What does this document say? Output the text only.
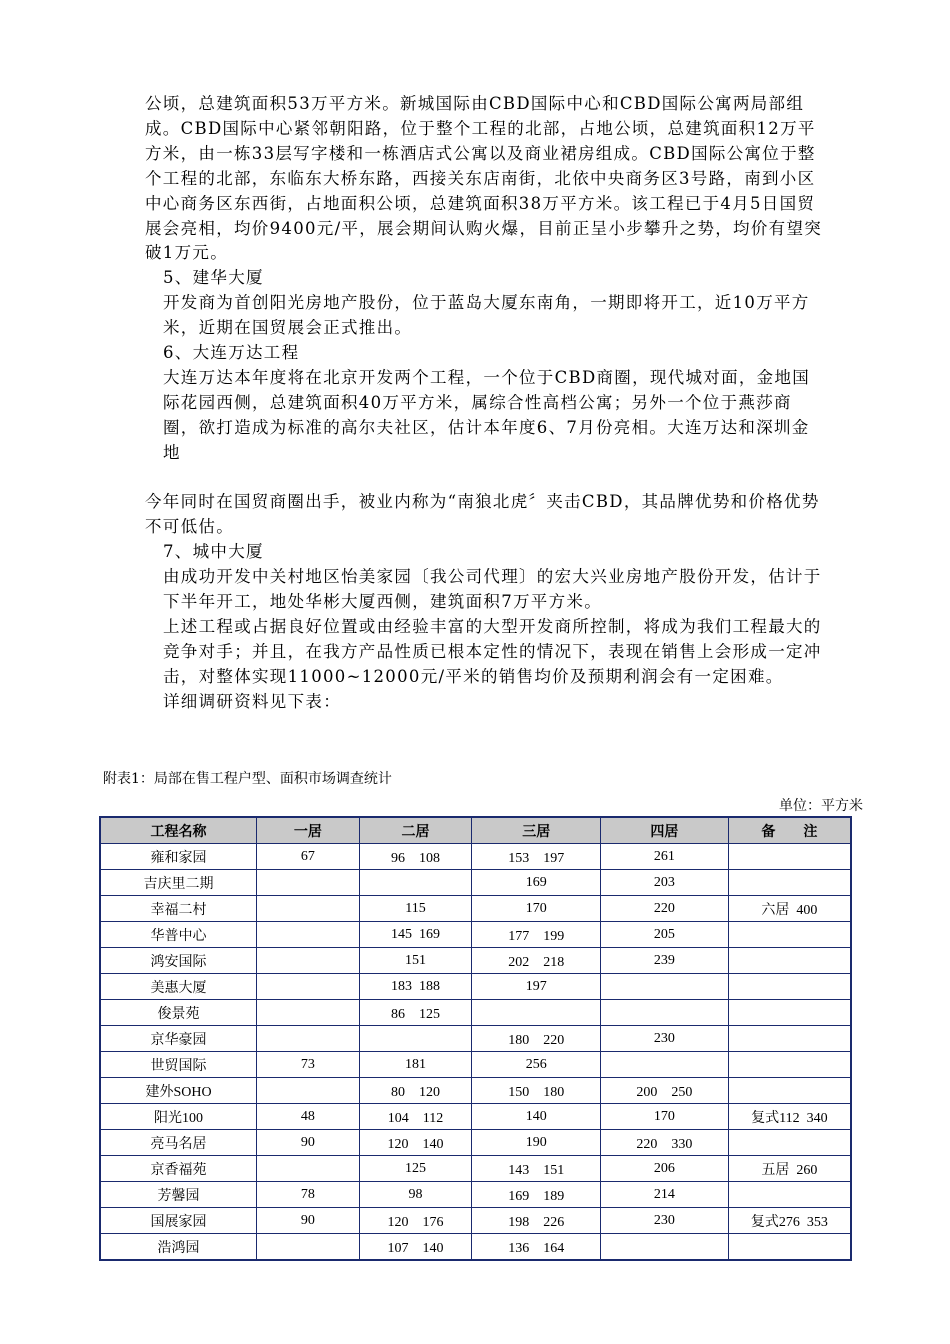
公顷，总建筑面积53万平方米。新城国际由CBD国际中心和CBD国际公寓两局部组成。CBD国际中心紧邻朝阳路，位于整个工程的北部，占地公顷，总建筑面积12万平方米，由一栋33层写字楼和一栋酒店式公寓以及商业裙房组成。CBD国际公寓位于整个工程的北部，东临东大桥东路，西接关东店南街，北依中央商务区3号路，南到小区中心商务区东西街，占地面积公顷，总建筑面积38万平方米。该工程已于4月5日国贸展会亮相，均价9400元/平，展会期间认购火爆，目前正呈小步攀升之势，均价有望突破1万元。

5、建华大厦

开发商为首创阳光房地产股份，位于蓝岛大厦东南角，一期即将开工，近10万平方米，近期在国贸展会正式推出。

6、大连万达工程

大连万达本年度将在北京开发两个工程，一个位于CBD商圈，现代城对面，金地国际花园西侧，总建筑面积40万平方米，属综合性高档公寓；另外一个位于燕莎商圈，欲打造成为标准的高尔夫社区，估计本年度6、7月份亮相。大连万达和深圳金地

今年同时在国贸商圈出手，被业内称为“南狼北虎〞夹击CBD，其品牌优势和价格优势不可低估。

7、城中大厦

由成功开发中关村地区怡美家园〔我公司代理〕的宏大兴业房地产股份开发，估计于下半年开工，地处华彬大厦西侧，建筑面积7万平方米。

上述工程或占据良好位置或由经验丰富的大型开发商所控制，将成为我们工程最大的竞争对手；并且，在我方产品性质已根本定性的情况下，表现在销售上会形成一定冲击，对整体实现11000~12000元/平米的销售均价及预期利润会有一定困难。

详细调研资料见下表：

附表1：局部在售工程户型、面积市场调查统计
单位：平方米
工程名称	一居	二居	三居	四居	备　　注
雍和家园	67	96　108	153　197	261	
吉庆里二期			169	203	
幸福二村		115	170	220	六居  400
华普中心		145  169	177　199	205	
鸿安国际		151	202　218	239	
美惠大厦		183  188	197		
俊景苑		86　125			
京华豪园			180　220	230	
世贸国际	73	181	256		
建外SOHO		80　120	150　180	200　250	
阳光100	48	104　112	140	170	复式112  340
亮马名居	90	120　140	190	220　330	
京香福苑		125	143　151	206	五居  260
芳馨园	78	98	169　189	214	
国展家园	90	120　176	198　226	230	复式276  353
浩鸿园		107　140	136　164		
